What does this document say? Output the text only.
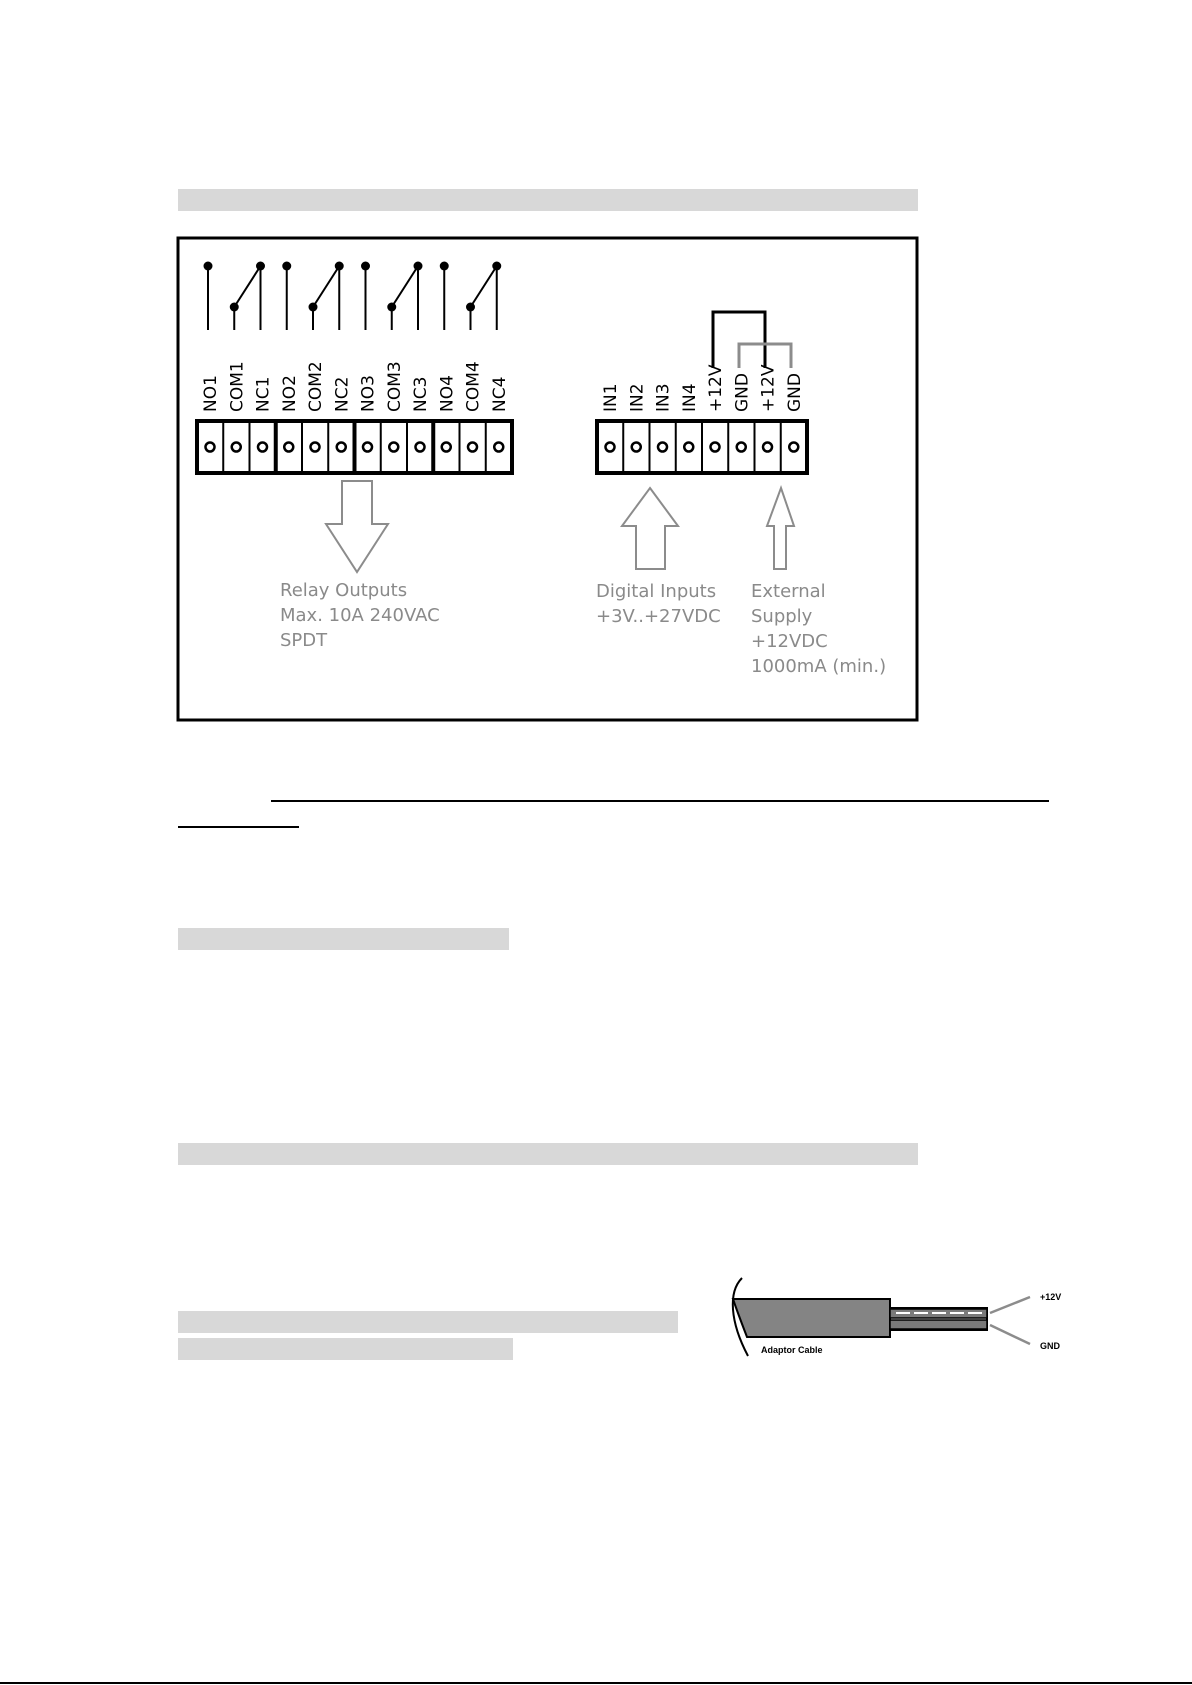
NO1 COM1 NC1 NO2 COM2 NC2 NO3 COM3 NC3 NO4 COM4 NC4	IN1 IN2 IN3 IN4 +12V GND +12V GND
Relay Outputs
Max. 10A 240VAC
SPDT
Digital Inputs
+3V..+27VDC
External
Supply
+12VDC
1000mA (min.)
Adaptor Cable
+12V
GND
